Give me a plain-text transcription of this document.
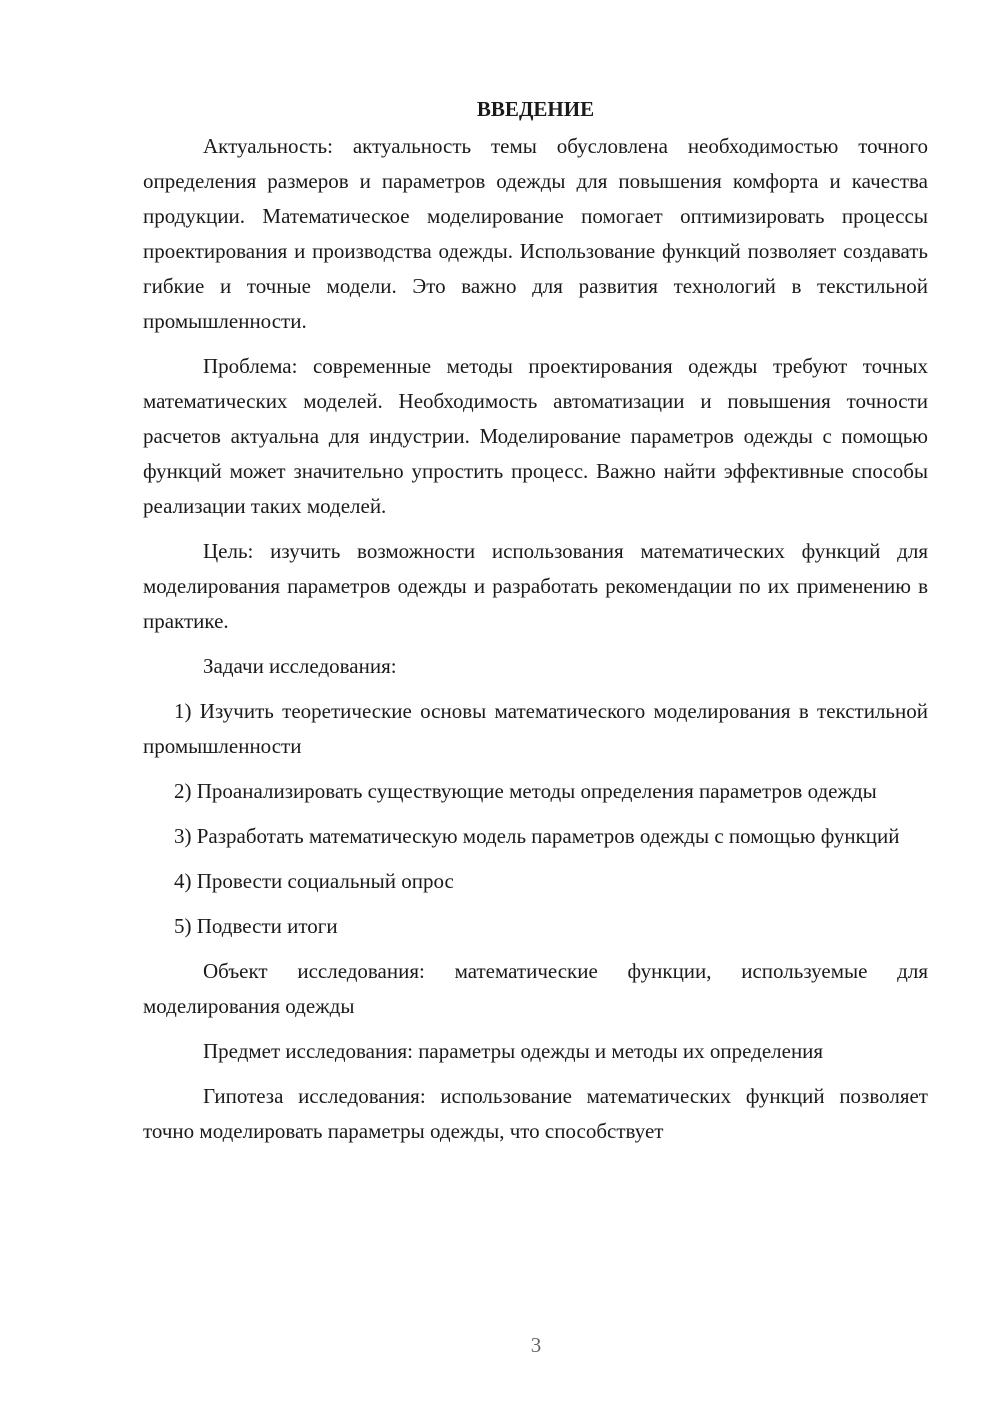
ВВЕДЕНИЕ

Актуальность: актуальность темы обусловлена необходимостью точного определения размеров и параметров одежды для повышения комфорта и качества продукции. Математическое моделирование помогает оптимизировать процессы проектирования и производства одежды. Использование функций позволяет создавать гибкие и точные модели. Это важно для развития технологий в текстильной промышленности.

Проблема: современные методы проектирования одежды требуют точных математических моделей. Необходимость автоматизации и повышения точности расчетов актуальна для индустрии. Моделирование параметров одежды с помощью функций может значительно упростить процесс. Важно найти эффективные способы реализации таких моделей.

Цель: изучить возможности использования математических функций для моделирования параметров одежды и разработать рекомендации по их применению в практике.

Задачи исследования:

1) Изучить теоретические основы математического моделирования в текстильной промышленности

2) Проанализировать существующие методы определения параметров одежды

3) Разработать математическую модель параметров одежды с помощью функций

4) Провести социальный опрос

5) Подвести итоги

Объект исследования: математические функции, используемые для моделирования одежды

Предмет исследования: параметры одежды и методы их определения

Гипотеза исследования: использование математических функций позволяет точно моделировать параметры одежды, что способствует

3
